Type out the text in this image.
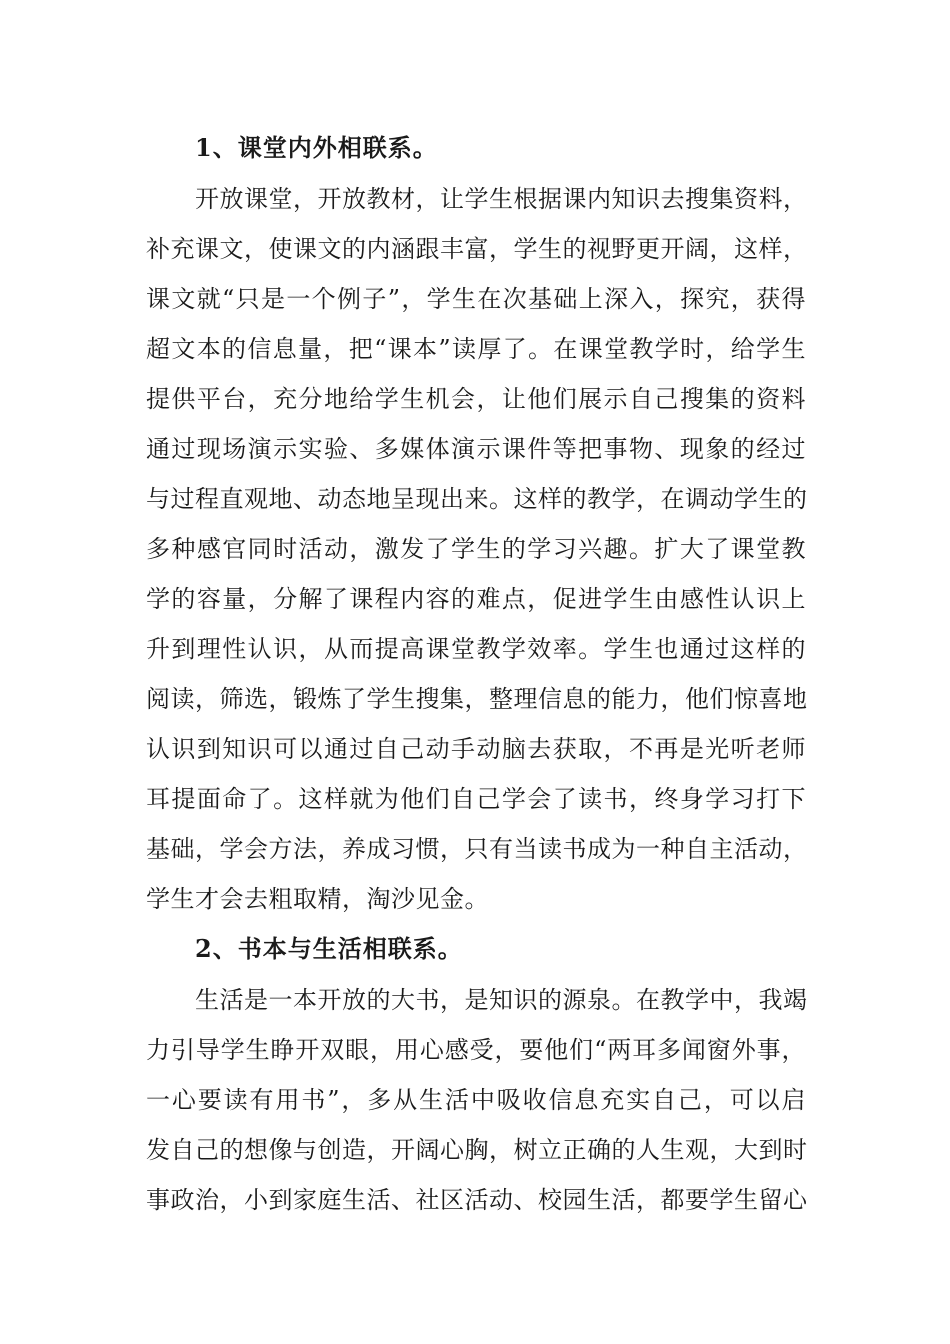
1、课堂内外相联系。
开放课堂，开放教材，让学生根据课内知识去搜集资料，
补充课文，使课文的内涵跟丰富，学生的视野更开阔，这样，
课文就“只是一个例子”，学生在次基础上深入，探究，获得
超文本的信息量，把“课本”读厚了。在课堂教学时，给学生
提供平台，充分地给学生机会，让他们展示自己搜集的资料
通过现场演示实验、多媒体演示课件等把事物、现象的经过
与过程直观地、动态地呈现出来。这样的教学，在调动学生的
多种感官同时活动，激发了学生的学习兴趣。扩大了课堂教
学的容量，分解了课程内容的难点，促进学生由感性认识上
升到理性认识，从而提高课堂教学效率。学生也通过这样的
阅读，筛选，锻炼了学生搜集，整理信息的能力，他们惊喜地
认识到知识可以通过自己动手动脑去获取，不再是光听老师
耳提面命了。这样就为他们自己学会了读书，终身学习打下
基础，学会方法，养成习惯，只有当读书成为一种自主活动，
学生才会去粗取精，淘沙见金。
2、书本与生活相联系。
生活是一本开放的大书，是知识的源泉。在教学中，我竭
力引导学生睁开双眼，用心感受，要他们“两耳多闻窗外事，
一心要读有用书”，多从生活中吸收信息充实自己，可以启
发自己的想像与创造，开阔心胸，树立正确的人生观，大到时
事政治，小到家庭生活、社区活动、校园生活，都要学生留心
